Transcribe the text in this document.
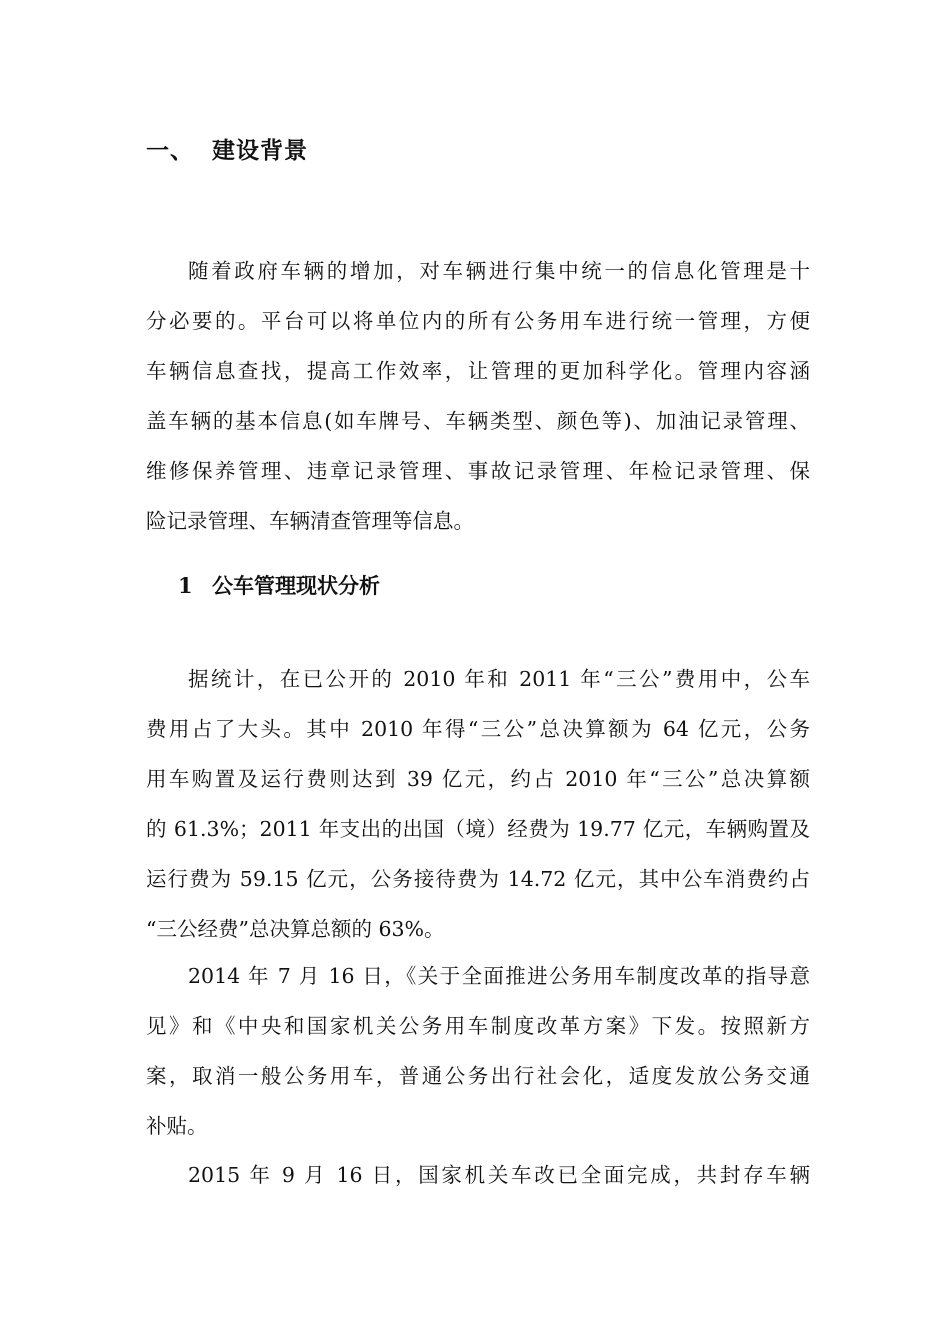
一、 建设背景
随着政府车辆的增加，对车辆进行集中统一的信息化管理是十
分必要的。平台可以将单位内的所有公务用车进行统一管理，方便
车辆信息查找，提高工作效率，让管理的更加科学化。管理内容涵
盖车辆的基本信息(如车牌号、车辆类型、颜色等)、加油记录管理、
维修保养管理、违章记录管理、事故记录管理、年检记录管理、保
险记录管理、车辆清查管理等信息。
1 公车管理现状分析
据统计，在已公开的 2010 年和 2011 年“三公”费用中，公车
费用占了大头。其中 2010 年得“三公”总决算额为 64 亿元，公务
用车购置及运行费则达到 39 亿元，约占 2010 年“三公”总决算额
的 61.3%；2011 年支出的出国（境）经费为 19.77 亿元，车辆购置及
运行费为 59.15 亿元，公务接待费为 14.72 亿元，其中公车消费约占
“三公经费”总决算总额的 63%。
2014 年 7 月 16 日，《关于全面推进公务用车制度改革的指导意
见》和《中央和国家机关公务用车制度改革方案》下发。按照新方
案，取消一般公务用车，普通公务出行社会化，适度发放公务交通
补贴。
2015 年 9 月 16 日，国家机关车改已全面完成，共封存车辆
